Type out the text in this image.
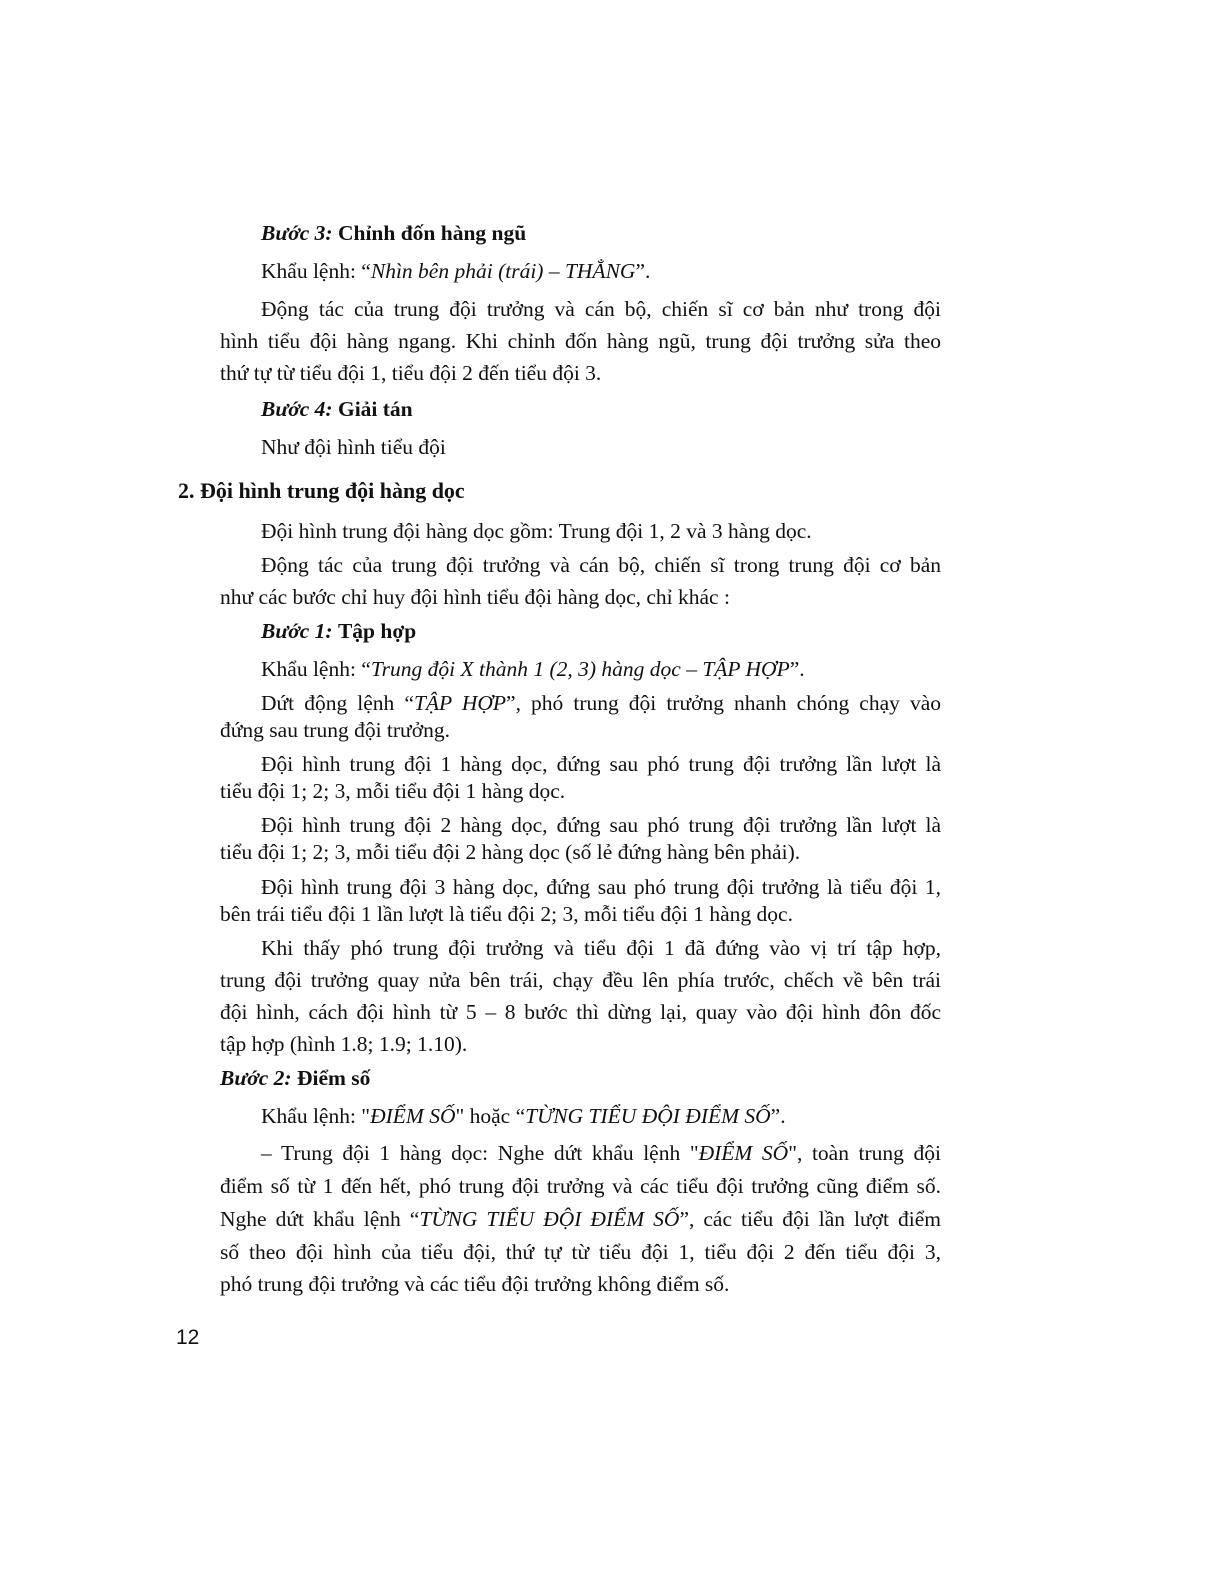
Bước 3: Chỉnh đốn hàng ngũ
Khẩu lệnh: “Nhìn bên phải (trái) – THẲNG”.
Động tác của trung đội trưởng và cán bộ, chiến sĩ cơ bản như trong đội
hình tiểu đội hàng ngang. Khi chỉnh đốn hàng ngũ, trung đội trưởng sửa theo
thứ tự từ tiểu đội 1, tiểu đội 2 đến tiểu đội 3.
Bước 4: Giải tán
Như đội hình tiểu đội
2. Đội hình trung đội hàng dọc
Đội hình trung đội hàng dọc gồm: Trung đội 1, 2 và 3 hàng dọc.
Động tác của trung đội trưởng và cán bộ, chiến sĩ trong trung đội cơ bản
như các bước chỉ huy đội hình tiểu đội hàng dọc, chỉ khác :
Bước 1: Tập hợp
Khẩu lệnh: “Trung đội X thành 1 (2, 3) hàng dọc – TẬP HỢP”.
Dứt động lệnh “TẬP HỢP”, phó trung đội trưởng nhanh chóng chạy vào
đứng sau trung đội trưởng.
Đội hình trung đội 1 hàng dọc, đứng sau phó trung đội trưởng lần lượt là
tiểu đội 1; 2; 3, mỗi tiểu đội 1 hàng dọc.
Đội hình trung đội 2 hàng dọc, đứng sau phó trung đội trưởng lần lượt là
tiểu đội 1; 2; 3, mỗi tiểu đội 2 hàng dọc (số lẻ đứng hàng bên phải).
Đội hình trung đội 3 hàng dọc, đứng sau phó trung đội trưởng là tiểu đội 1,
bên trái tiểu đội 1 lần lượt là tiểu đội 2; 3, mỗi tiểu đội 1 hàng dọc.
Khi thấy phó trung đội trưởng và tiểu đội 1 đã đứng vào vị trí tập hợp,
trung đội trưởng quay nửa bên trái, chạy đều lên phía trước, chếch về bên trái
đội hình, cách đội hình từ 5 – 8 bước thì dừng lại, quay vào đội hình đôn đốc
tập hợp (hình 1.8; 1.9; 1.10).
Bước 2: Điểm số
Khẩu lệnh: "ĐIỂM SỐ" hoặc “TỪNG TIỂU ĐỘI ĐIỂM SỐ”.
– Trung đội 1 hàng dọc: Nghe dứt khẩu lệnh "ĐIỂM SỐ", toàn trung đội
điểm số từ 1 đến hết, phó trung đội trưởng và các tiểu đội trưởng cũng điểm số.
Nghe dứt khẩu lệnh “TỪNG TIỂU ĐỘI ĐIỂM SỐ”, các tiểu đội lần lượt điểm
số theo đội hình của tiểu đội, thứ tự từ tiểu đội 1, tiểu đội 2 đến tiểu đội 3,
phó trung đội trưởng và các tiểu đội trưởng không điểm số.
12
